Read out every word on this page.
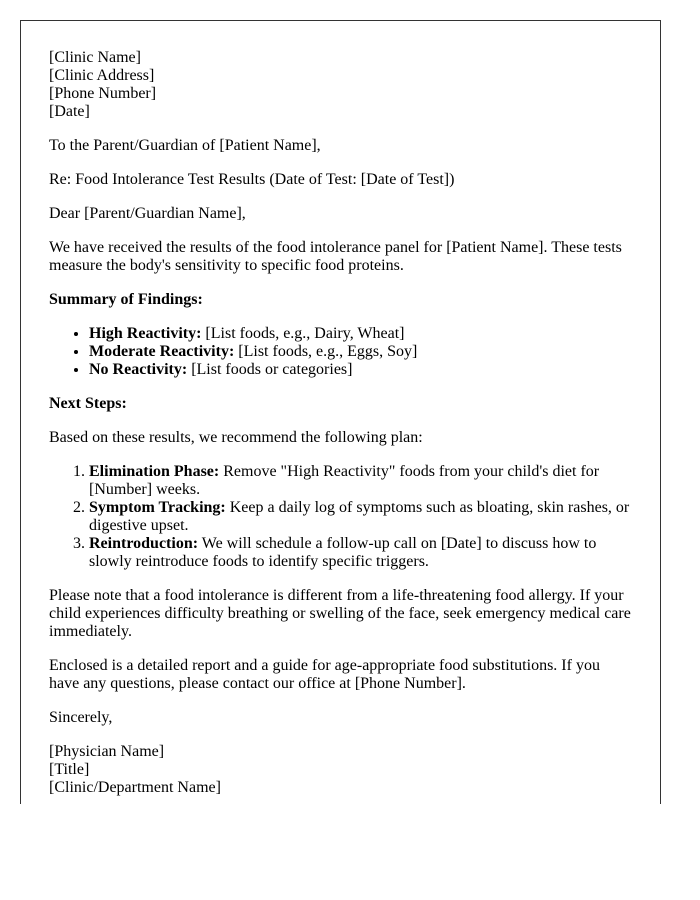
[Clinic Name]
[Clinic Address]
[Phone Number]
[Date]

To the Parent/Guardian of [Patient Name],

Re: Food Intolerance Test Results (Date of Test: [Date of Test])

Dear [Parent/Guardian Name],

We have received the results of the food intolerance panel for [Patient Name]. These tests measure the body's sensitivity to specific food proteins.

Summary of Findings:

• High Reactivity: [List foods, e.g., Dairy, Wheat]
• Moderate Reactivity: [List foods, e.g., Eggs, Soy]
• No Reactivity: [List foods or categories]

Next Steps:

Based on these results, we recommend the following plan:

1. Elimination Phase: Remove "High Reactivity" foods from your child's diet for [Number] weeks.
2. Symptom Tracking: Keep a daily log of symptoms such as bloating, skin rashes, or digestive upset.
3. Reintroduction: We will schedule a follow-up call on [Date] to discuss how to slowly reintroduce foods to identify specific triggers.

Please note that a food intolerance is different from a life-threatening food allergy. If your child experiences difficulty breathing or swelling of the face, seek emergency medical care immediately.

Enclosed is a detailed report and a guide for age-appropriate food substitutions. If you have any questions, please contact our office at [Phone Number].

Sincerely,

[Physician Name]
[Title]
[Clinic/Department Name]
